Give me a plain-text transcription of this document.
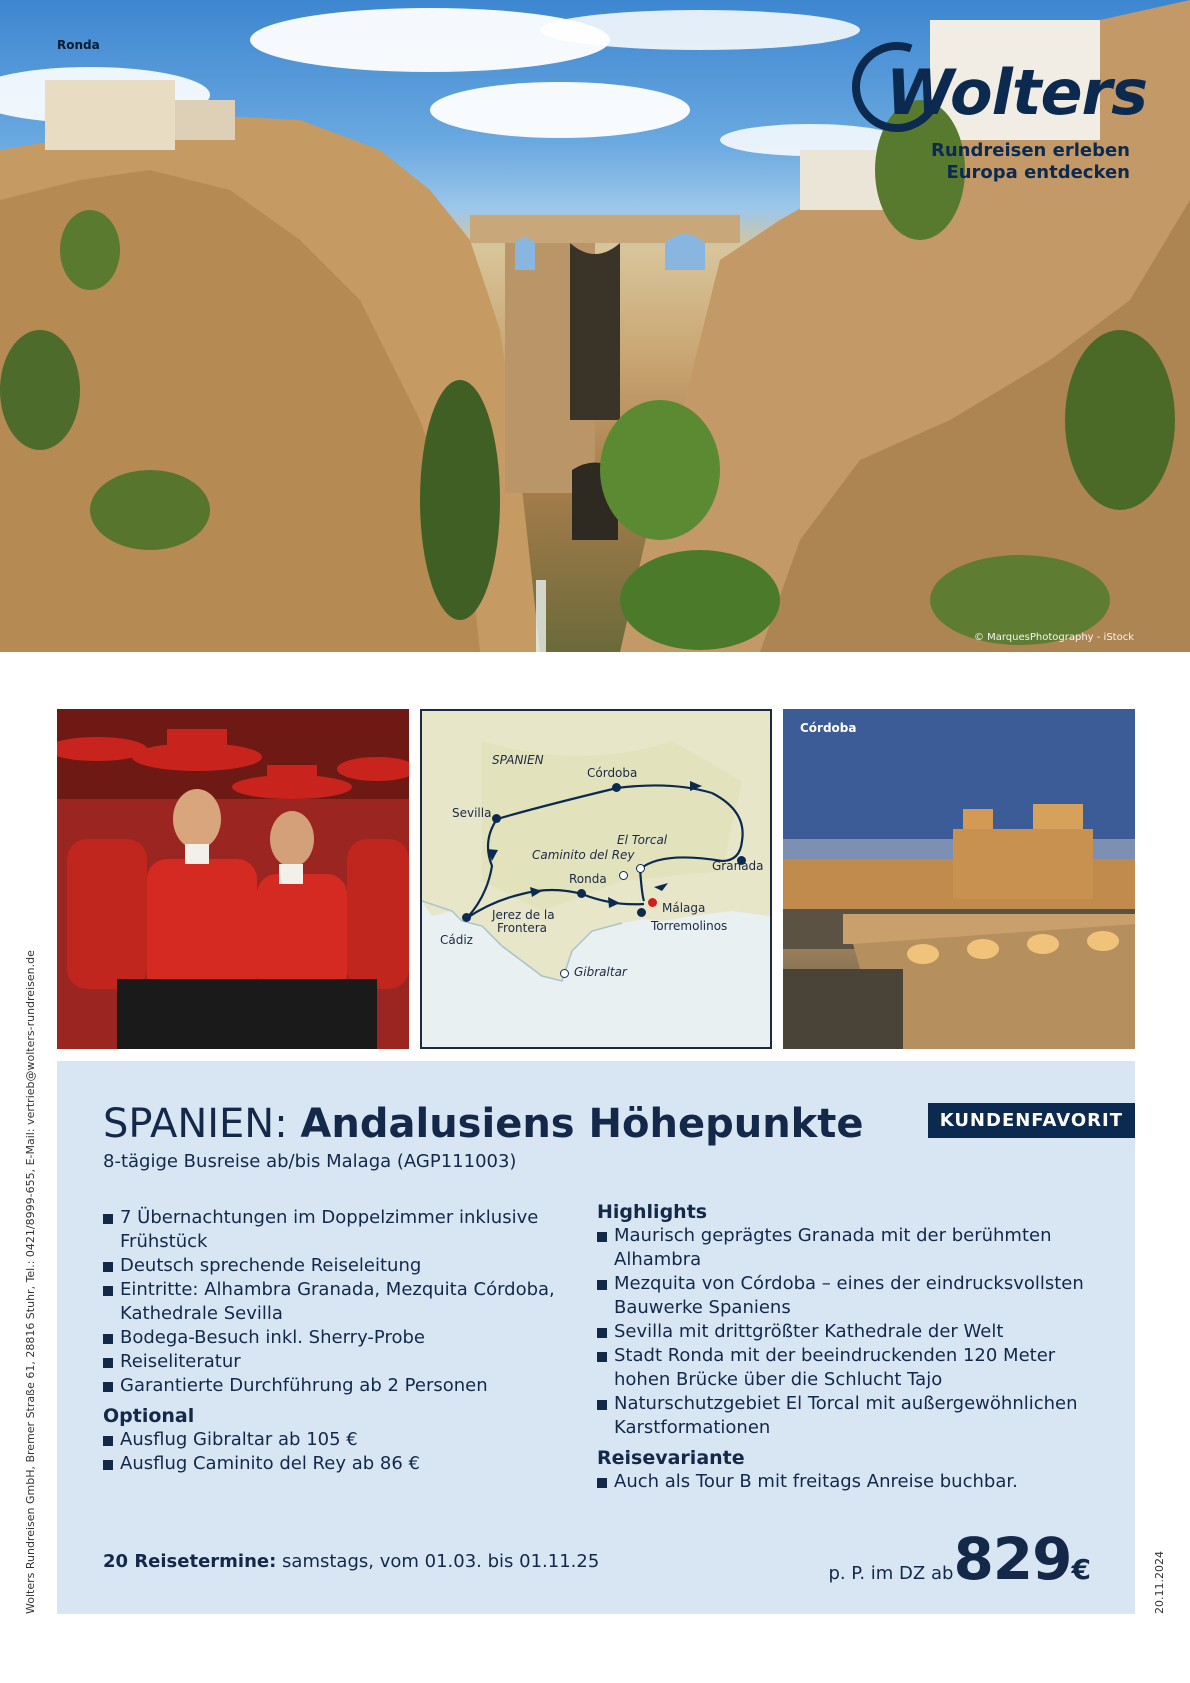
Ronda
© MarquesPhotography - iStock
Wolters
Rundreisen erleben
Europa entdecken
SPANIEN
Córdoba
Sevilla
El Torcal
Caminito del Rey
Granada
Ronda
Málaga
Jerez de la
Frontera
Cádiz
Torremolinos
Gibraltar
Córdoba
SPANIEN: Andalusiens Höhepunkte
8-tägige Busreise ab/bis Malaga (AGP111003)
KUNDENFAVORIT
7 Übernachtungen im Doppelzimmer inklusive Frühstück
Deutsch sprechende Reiseleitung
Eintritte: Alhambra Granada, Mezquita Córdoba, Kathedrale Sevilla
Bodega-Besuch inkl. Sherry-Probe
Reiseliteratur
Garantierte Durchführung ab 2 Personen
Optional
Ausflug Gibraltar ab 105 €
Ausflug Caminito del Rey ab 86 €
Highlights
Maurisch geprägtes Granada mit der berühmten Alhambra
Mezquita von Córdoba – eines der eindrucksvollsten Bauwerke Spaniens
Sevilla mit drittgrößter Kathedrale der Welt
Stadt Ronda mit der beeindruckenden 120 Meter hohen Brücke über die Schlucht Tajo
Naturschutzgebiet El Torcal mit außergewöhnlichen Karstformationen
Reisevariante
Auch als Tour B mit freitags Anreise buchbar.
20 Reisetermine: samstags, vom 01.03. bis 01.11.25
p. P. im DZ ab829€
Wolters Rundreisen GmbH, Bremer Straße 61, 28816 Stuhr, Tel.: 0421/8999-655, E-Mail: vertrieb@wolters-rundreisen.de	20.11.2024
